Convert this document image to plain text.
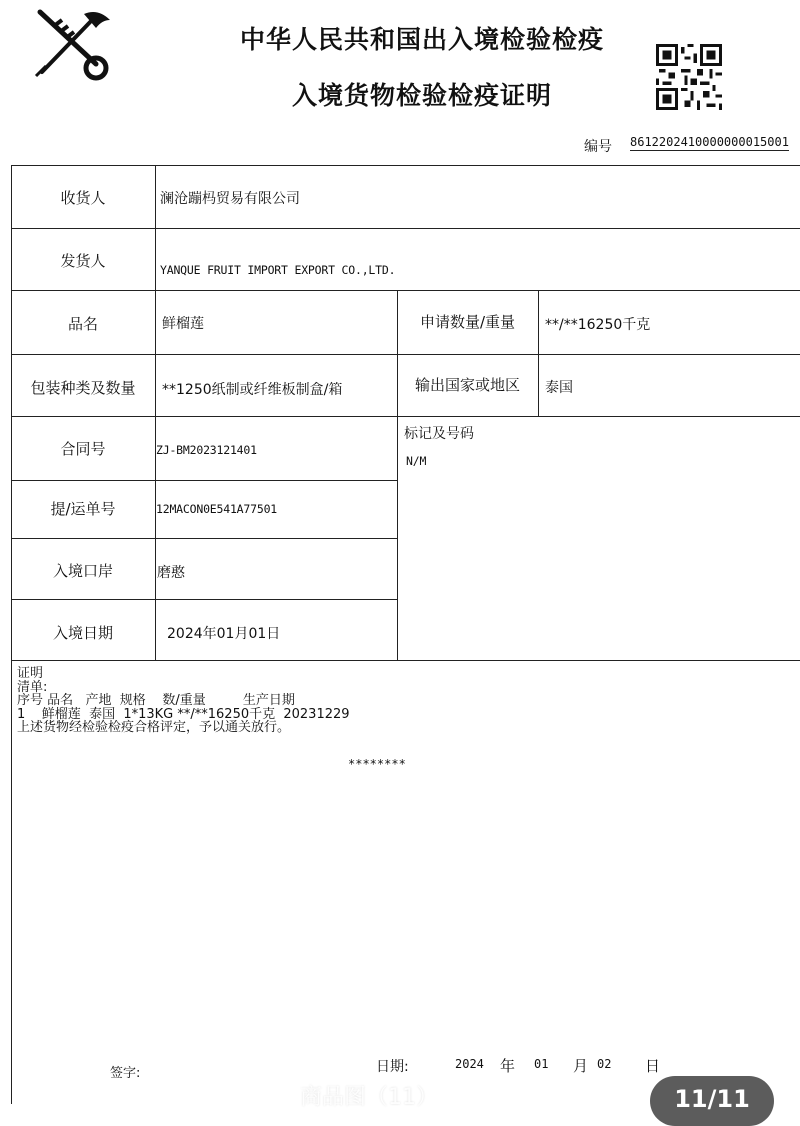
中华人民共和国出入境检验检疫
入境货物检验检疫证明
编号 8612202410000000015001
收货人	澜沧蹦杩贸易有限公司
发货人	YANQUE FRUIT IMPORT EXPORT CO.,LTD.
品名	鲜榴莲	申请数量/重量	**/**16250千克
包装种类及数量	**1250纸制或纤维板制盒/箱	输出国家或地区	泰国
合同号	ZJ-BM2023121401
标记及号码
N/M
提/运单号	12MACON0E541A77501
入境口岸	磨憨
入境日期	2024年01月01日
证明
清单:
序号 品名   产地  规格    数/重量         生产日期
1    鲜榴莲  泰国  1*13KG **/**16250千克  20231229
上述货物经检验检疫合格评定，予以通关放行。
********
签字:	日期:	2024 年 01 月 02 日
商品图（11）	11/11
